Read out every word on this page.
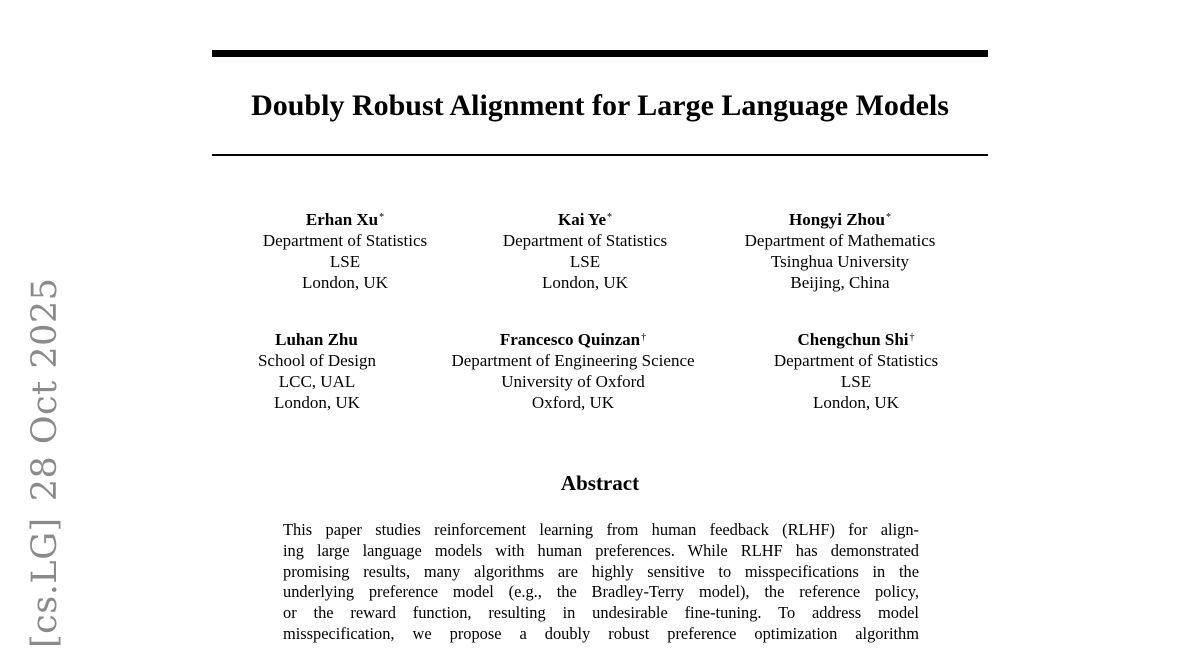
[cs.LG]28 Oct 2025
Doubly Robust Alignment for Large Language Models
Erhan Xu*
Department of Statistics
LSE
London, UK
Kai Ye*
Department of Statistics
LSE
London, UK
Hongyi Zhou*
Department of Mathematics
Tsinghua University
Beijing, China
Luhan Zhu
School of Design
LCC, UAL
London, UK
Francesco Quinzan†
Department of Engineering Science
University of Oxford
Oxford, UK
Chengchun Shi†
Department of Statistics
LSE
London, UK
Abstract
This paper studies reinforcement learning from human feedback (RLHF) for align-
ing large language models with human preferences. While RLHF has demonstrated
promising results, many algorithms are highly sensitive to misspecifications in the
underlying preference model (e.g., the Bradley-Terry model), the reference policy,
or the reward function, resulting in undesirable fine-tuning. To address model
misspecification, we propose a doubly robust preference optimization algorithm
